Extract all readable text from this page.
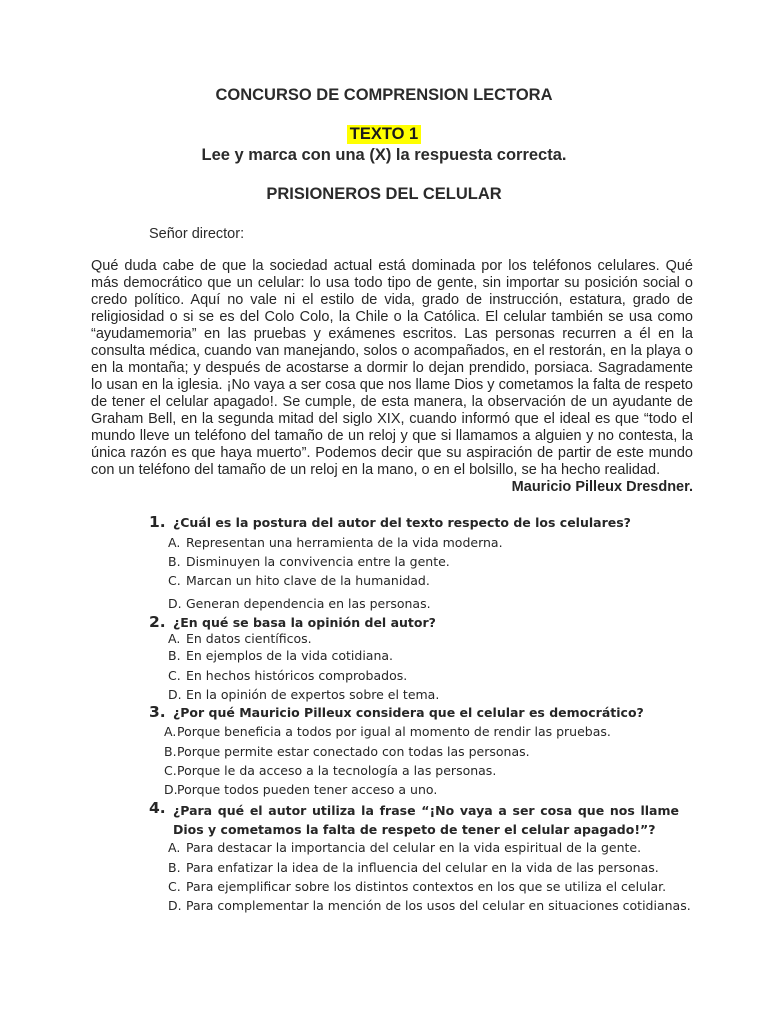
CONCURSO DE COMPRENSION LECTORA
TEXTO 1
Lee y marca con una (X) la respuesta correcta.
PRISIONEROS DEL CELULAR
Señor director:
Qué duda cabe de que la sociedad actual está dominada por los teléfonos celulares. Qué más democrático que un celular: lo usa todo tipo de gente, sin importar su posición social o credo político. Aquí no vale ni el estilo de vida, grado de instrucción, estatura, grado de religiosidad o si se es del Colo Colo, la Chile o la Católica. El celular también se usa como “ayudamemoria” en las pruebas y exámenes escritos. Las personas recurren a él en la consulta médica, cuando van manejando, solos o acompañados, en el restorán, en la playa o en la montaña; y después de acostarse a dormir lo dejan prendido, porsiaca. Sagradamente lo usan en la iglesia. ¡No vaya a ser cosa que nos llame Dios y cometamos la falta de respeto de tener el celular apagado!. Se cumple, de esta manera, la observación de un ayudante de Graham Bell, en la segunda mitad del siglo XIX, cuando informó que el ideal es que “todo el mundo lleve un teléfono del tamaño de un reloj y que si llamamos a alguien y no contesta, la única razón es que haya muerto”. Podemos decir que su aspiración de partir de este mundo con un teléfono del tamaño de un reloj en la mano, o en el bolsillo, se ha hecho realidad.
Mauricio Pilleux Dresdner.
1. ¿Cuál es la postura del autor del texto respecto de los celulares?
A. Representan una herramienta de la vida moderna.
B. Disminuyen la convivencia entre la gente.
C. Marcan un hito clave de la humanidad.
D. Generan dependencia en las personas.
2. ¿En qué se basa la opinión del autor?
A. En datos científicos.
B. En ejemplos de la vida cotidiana.
C. En hechos históricos comprobados.
D. En la opinión de expertos sobre el tema.
3. ¿Por qué Mauricio Pilleux considera que el celular es democrático?
A.Porque beneficia a todos por igual al momento de rendir las pruebas.
B.Porque permite estar conectado con todas las personas.
C.Porque le da acceso a la tecnología a las personas.
D.Porque todos pueden tener acceso a uno.
4. ¿Para qué el autor utiliza la frase “¡No vaya a ser cosa que nos llame Dios y cometamos la falta de respeto de tener el celular apagado!”?
A. Para destacar la importancia del celular en la vida espiritual de la gente.
B. Para enfatizar la idea de la influencia del celular en la vida de las personas.
C. Para ejemplificar sobre los distintos contextos en los que se utiliza el celular.
D. Para complementar la mención de los usos del celular en situaciones cotidianas.
